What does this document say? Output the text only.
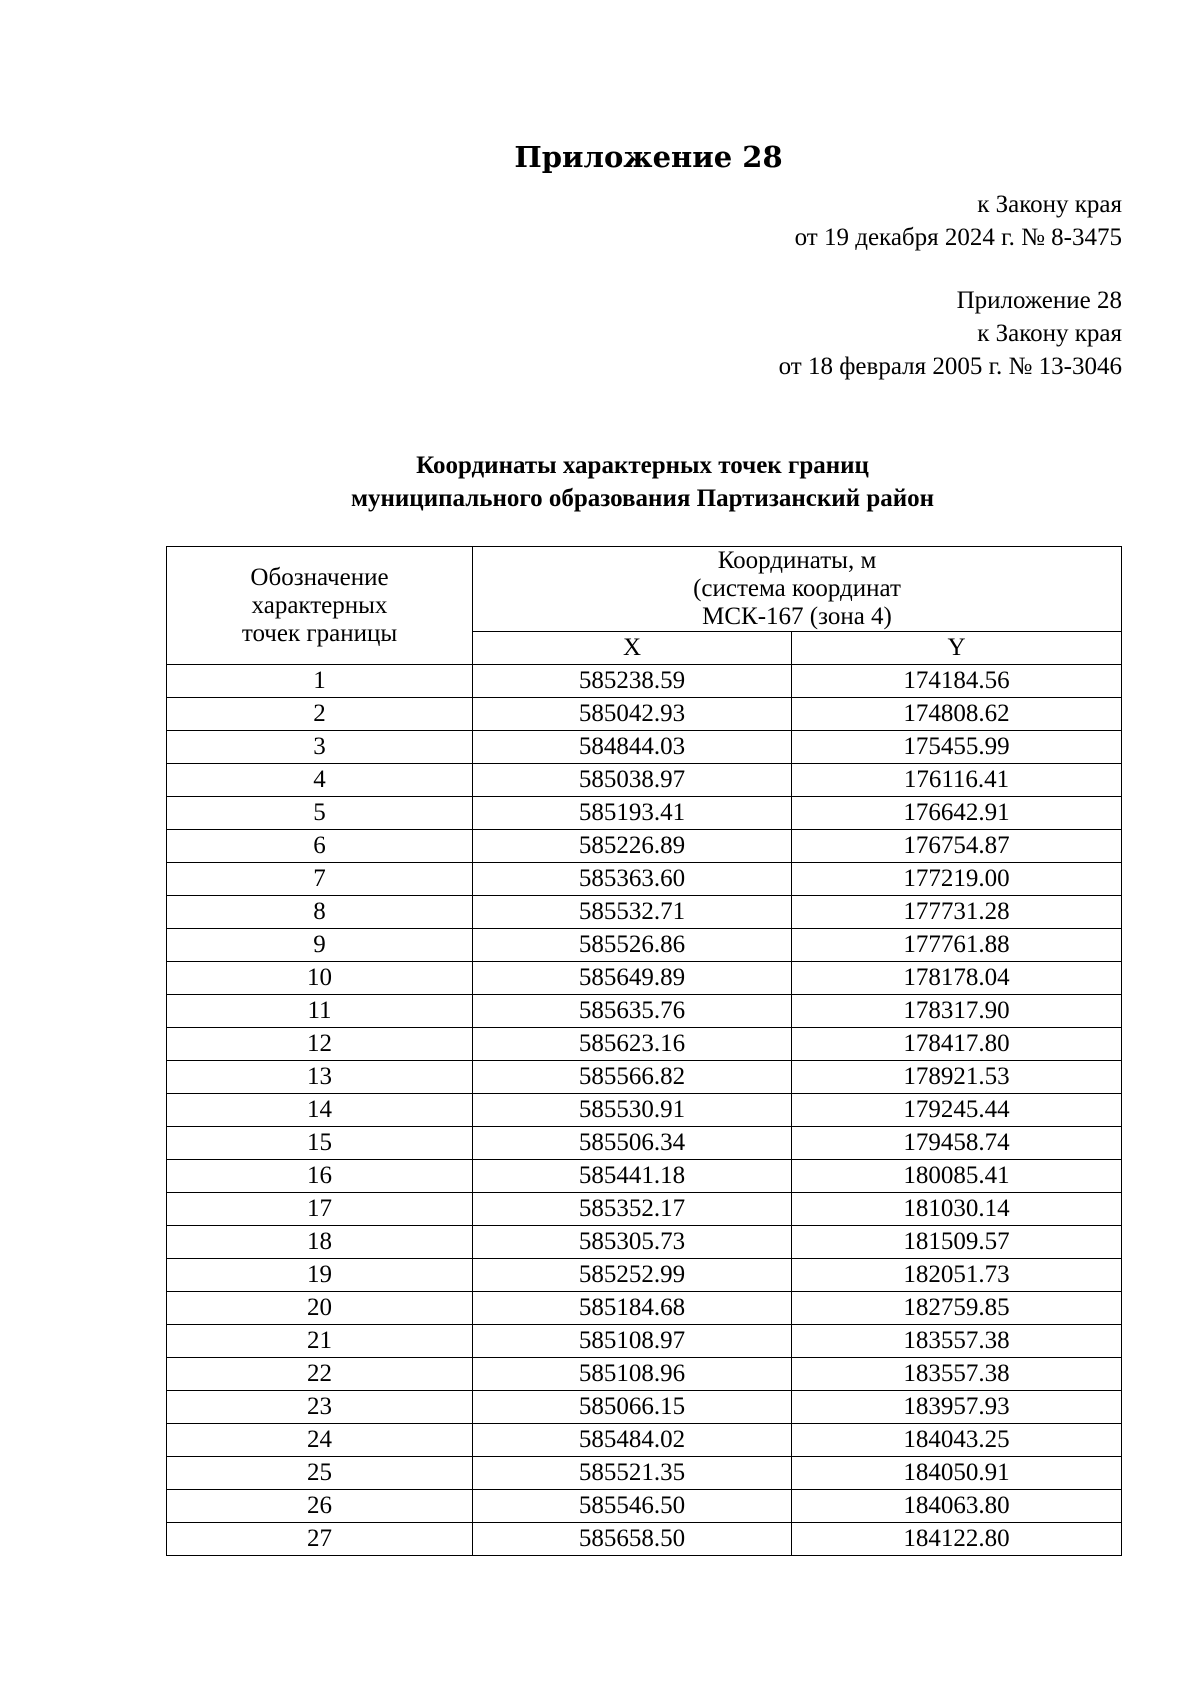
Приложение 28
к Закону края
от 19 декабря 2024 г. № 8-3475
Приложение 28
к Закону края
от 18 февраля 2005 г. № 13-3046
Координаты характерных точек границ
муниципального образования Партизанский район
Обозначение
характерных
точек границы	Координаты, м
(система координат
МСК-167 (зона 4)	

	X	Y
1	585238.59	174184.56
2	585042.93	174808.62
3	584844.03	175455.99
4	585038.97	176116.41
5	585193.41	176642.91
6	585226.89	176754.87
7	585363.60	177219.00
8	585532.71	177731.28
9	585526.86	177761.88
10	585649.89	178178.04
11	585635.76	178317.90
12	585623.16	178417.80
13	585566.82	178921.53
14	585530.91	179245.44
15	585506.34	179458.74
16	585441.18	180085.41
17	585352.17	181030.14
18	585305.73	181509.57
19	585252.99	182051.73
20	585184.68	182759.85
21	585108.97	183557.38
22	585108.96	183557.38
23	585066.15	183957.93
24	585484.02	184043.25
25	585521.35	184050.91
26	585546.50	184063.80
27	585658.50	184122.80
